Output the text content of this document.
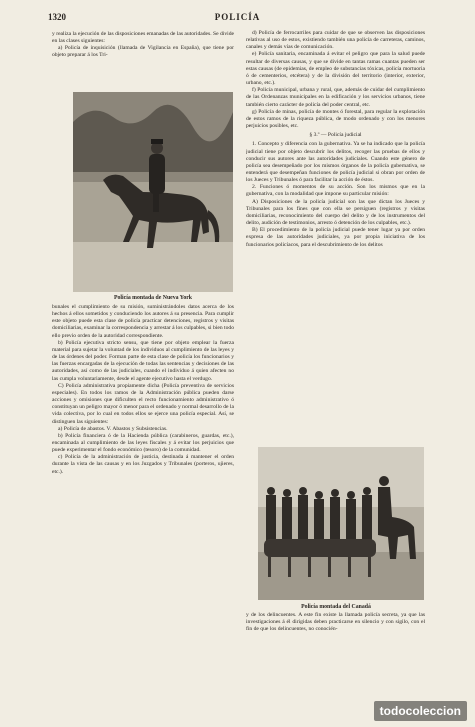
1320	POLICÍA

y realiza la ejecución de las disposiciones emanadas de las autoridades. Se divide en las clases siguientes:

a) Policía de inquisición (llamada de Vigilancia en España), que tiene por objeto preparar á los Tri-

Policía montada de Nueva York

bunales el cumplimiento de su misión, suministrándoles datos acerca de los hechos á ellos sometidos y conduciendo los autores á su presencia. Para cumplir este objeto puede esta clase de policía practicar detenciones, registros y visitas domiciliarias, examinar la correspondencia y arrestar á los culpables, si bien todo ello previo orden de la autoridad correspondiente.

b) Policía ejecutiva stricto sensu, que tiene por objeto emplear la fuerza material para sujetar la voluntad de los individuos al cumplimiento de las leyes y de las órdenes del poder. Forman parte de esta clase de policía los funcionarios y las fuerzas encargadas de la ejecución de todas las sentencias y decisiones de las autoridades, así como de las judiciales, cuando el individuo á quien afecten no las cumpla voluntariamente, desde el agente ejecutivo hasta el verdugo.

C) Policía administrativa propiamente dicha (Policía preventiva de servicios especiales). En todos los ramos de la Administración pública pueden darse acciones y omisiones que dificulten el recto funcionamiento administrativo ó constituyan un peligro mayor ó menor para el ordenado y normal desarrollo de la vida colectiva, por lo cual en todos ellos se ejerce una policía especial. Así, se distinguen las siguientes:

a) Policía de abastos. V. Abastos y Subsistencias.

b) Policía financiera ó de la Hacienda pública (carabineros, guardas, etc.), encaminada al cumplimiento de las leyes fiscales y á evitar los perjuicios que puede experimentar el fondo económico (tesoro) de la comunidad.

c) Policía de la administración de justicia, destinada á mantener el orden durante la vista de las causas y en los Juzgados y Tribunales (porteros, ujieres, etc.).

d) Policía de ferrocarriles para cuidar de que se observen las disposiciones relativas al uso de estos, existiendo también una policía de carreteras, caminos, canales y demás vías de comunicación.

e) Policía sanitaria, encaminada á evitar el peligro que para la salud puede resultar de diversas causas, y que se divide en tantas ramas cuantas pueden ser estas causas (de epidemias, de empleo de substancias tóxicas, policía mortuoria ó de cementerios, etcétera) y de la división del territorio (interior, exterior, urbano, etc.).

f) Policía municipal, urbana y rural, que, además de cuidar del cumplimiento de las Ordenanzas municipales en la edificación y los servicios urbanos, tiene también cierto carácter de policía del poder central, etc.

g) Policía de minas, policía de montes ó forestal, para regular la explotación de estos ramos de la riqueza pública, de modo ordenado y con los menores perjuicios posibles, etc.

§ 3.º — Policía judicial

1. Concepto y diferencia con la gubernativa. Ya se ha indicado que la policía judicial tiene por objeto descubrir los delitos, recoger las pruebas de ellos y conducir sus autores ante las autoridades judiciales. Cuando este género de policía sea desempeñado por los mismos órganos de la policía gubernativa, se entenderá que desempeñan funciones de policía judicial si obran por orden de los Jueces y Tribunales ó para facilitar la acción de éstos.

2. Funciones ó momentos de su acción. Son los mismos que en la gubernativa, con la modalidad que impone su particular misión:

A) Disposiciones de la policía judicial son las que dictan los Jueces y Tribunales para los fines que con ella se persiguen (registros y visitas domiciliarias, reconocimiento del cuerpo del delito y de los instrumentos del delito, audición de testimonios, arresto ó detención de los culpables, etc.).

B) El procedimiento de la policía judicial puede tener lugar ya por orden expresa de las autoridades judiciales, ya por propia iniciativa de los funcionarios policíacos, para el descubrimiento de los delitos

Policía montada del Canadá

y de los delincuentes. A este fin existe la llamada policía secreta, ya que las investigaciones á él dirigidas deben practicarse en silencio y con sigilo, con el fin de que los delincuentes, no conocién-

todocoleccion
